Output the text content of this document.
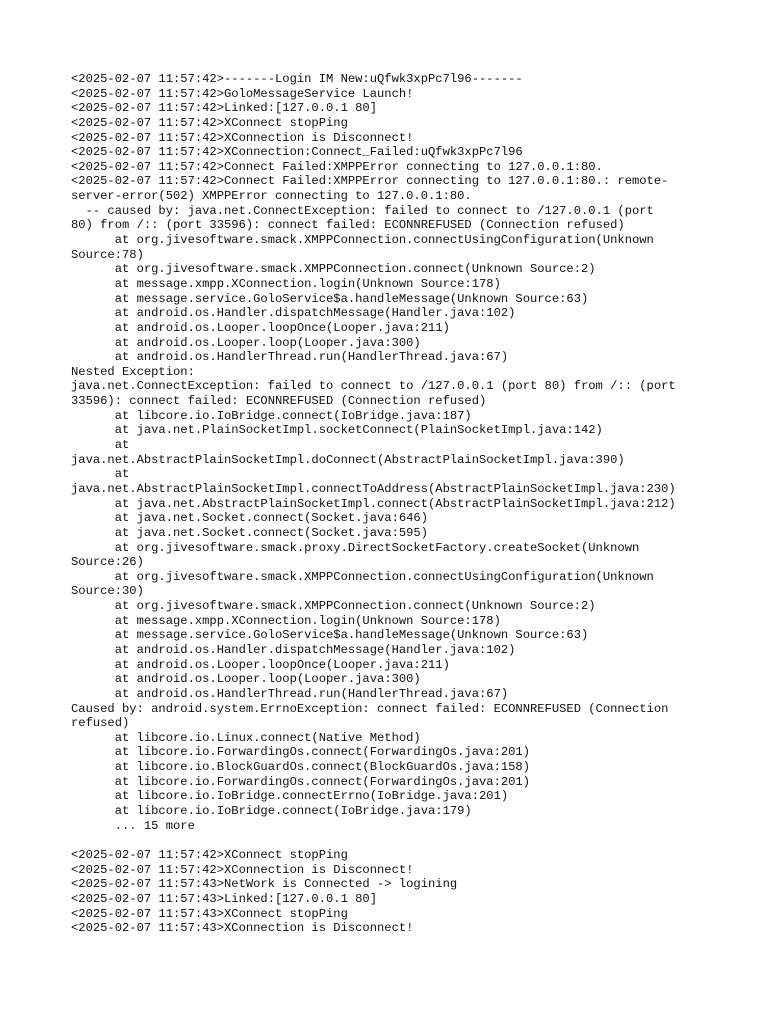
<2025-02-07 11:57:42>-------Login IM New:uQfwk3xpPc7l96-------
<2025-02-07 11:57:42>GoloMessageService Launch!
<2025-02-07 11:57:42>Linked:[127.0.0.1 80]
<2025-02-07 11:57:42>XConnect stopPing
<2025-02-07 11:57:42>XConnection is Disconnect!
<2025-02-07 11:57:42>XConnection:Connect_Failed:uQfwk3xpPc7l96
<2025-02-07 11:57:42>Connect Failed:XMPPError connecting to 127.0.0.1:80.
<2025-02-07 11:57:42>Connect Failed:XMPPError connecting to 127.0.0.1:80.: remote-
server-error(502) XMPPError connecting to 127.0.0.1:80.
-- caused by: java.net.ConnectException: failed to connect to /127.0.0.1 (port
80) from /:: (port 33596): connect failed: ECONNREFUSED (Connection refused)
at org.jivesoftware.smack.XMPPConnection.connectUsingConfiguration(Unknown
Source:78)
at org.jivesoftware.smack.XMPPConnection.connect(Unknown Source:2)
at message.xmpp.XConnection.login(Unknown Source:178)
at message.service.GoloService$a.handleMessage(Unknown Source:63)
at android.os.Handler.dispatchMessage(Handler.java:102)
at android.os.Looper.loopOnce(Looper.java:211)
at android.os.Looper.loop(Looper.java:300)
at android.os.HandlerThread.run(HandlerThread.java:67)
Nested Exception:
java.net.ConnectException: failed to connect to /127.0.0.1 (port 80) from /:: (port
33596): connect failed: ECONNREFUSED (Connection refused)
at libcore.io.IoBridge.connect(IoBridge.java:187)
at java.net.PlainSocketImpl.socketConnect(PlainSocketImpl.java:142)
at
java.net.AbstractPlainSocketImpl.doConnect(AbstractPlainSocketImpl.java:390)
at
java.net.AbstractPlainSocketImpl.connectToAddress(AbstractPlainSocketImpl.java:230)
at java.net.AbstractPlainSocketImpl.connect(AbstractPlainSocketImpl.java:212)
at java.net.Socket.connect(Socket.java:646)
at java.net.Socket.connect(Socket.java:595)
at org.jivesoftware.smack.proxy.DirectSocketFactory.createSocket(Unknown
Source:26)
at org.jivesoftware.smack.XMPPConnection.connectUsingConfiguration(Unknown
Source:30)
at org.jivesoftware.smack.XMPPConnection.connect(Unknown Source:2)
at message.xmpp.XConnection.login(Unknown Source:178)
at message.service.GoloService$a.handleMessage(Unknown Source:63)
at android.os.Handler.dispatchMessage(Handler.java:102)
at android.os.Looper.loopOnce(Looper.java:211)
at android.os.Looper.loop(Looper.java:300)
at android.os.HandlerThread.run(HandlerThread.java:67)
Caused by: android.system.ErrnoException: connect failed: ECONNREFUSED (Connection
refused)
at libcore.io.Linux.connect(Native Method)
at libcore.io.ForwardingOs.connect(ForwardingOs.java:201)
at libcore.io.BlockGuardOs.connect(BlockGuardOs.java:158)
at libcore.io.ForwardingOs.connect(ForwardingOs.java:201)
at libcore.io.IoBridge.connectErrno(IoBridge.java:201)
at libcore.io.IoBridge.connect(IoBridge.java:179)
... 15 more
<2025-02-07 11:57:42>XConnect stopPing
<2025-02-07 11:57:42>XConnection is Disconnect!
<2025-02-07 11:57:43>NetWork is Connected -> logining
<2025-02-07 11:57:43>Linked:[127.0.0.1 80]
<2025-02-07 11:57:43>XConnect stopPing
<2025-02-07 11:57:43>XConnection is Disconnect!
